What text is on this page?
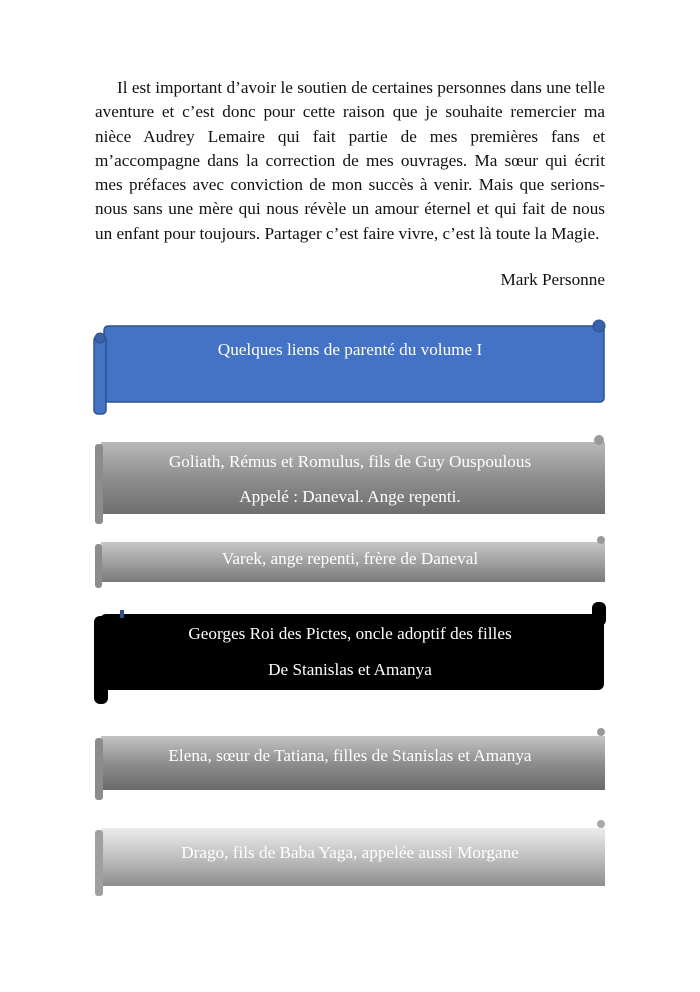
Il est important d’avoir le soutien de certaines personnes dans une telle aventure et c’est donc pour cette raison que je souhaite remercier ma nièce Audrey Lemaire qui fait partie de mes premières fans et m’accompagne dans la correction de mes ouvrages. Ma sœur qui écrit mes préfaces avec conviction de mon succès à venir. Mais que serions-nous sans une mère qui nous révèle un amour éternel et qui fait de nous un enfant pour toujours. Partager c’est faire vivre, c’est là toute la Magie.

Mark Personne
Quelques liens de parenté du volume I
Goliath, Rémus et Romulus, fils de Guy Ouspoulous
Appelé : Daneval. Ange repenti.
Varek, ange repenti, frère de Daneval
Georges Roi des Pictes, oncle adoptif des filles
De Stanislas et Amanya
Elena, sœur de Tatiana, filles de Stanislas et Amanya
Drago, fils de Baba Yaga, appelée aussi Morgane
